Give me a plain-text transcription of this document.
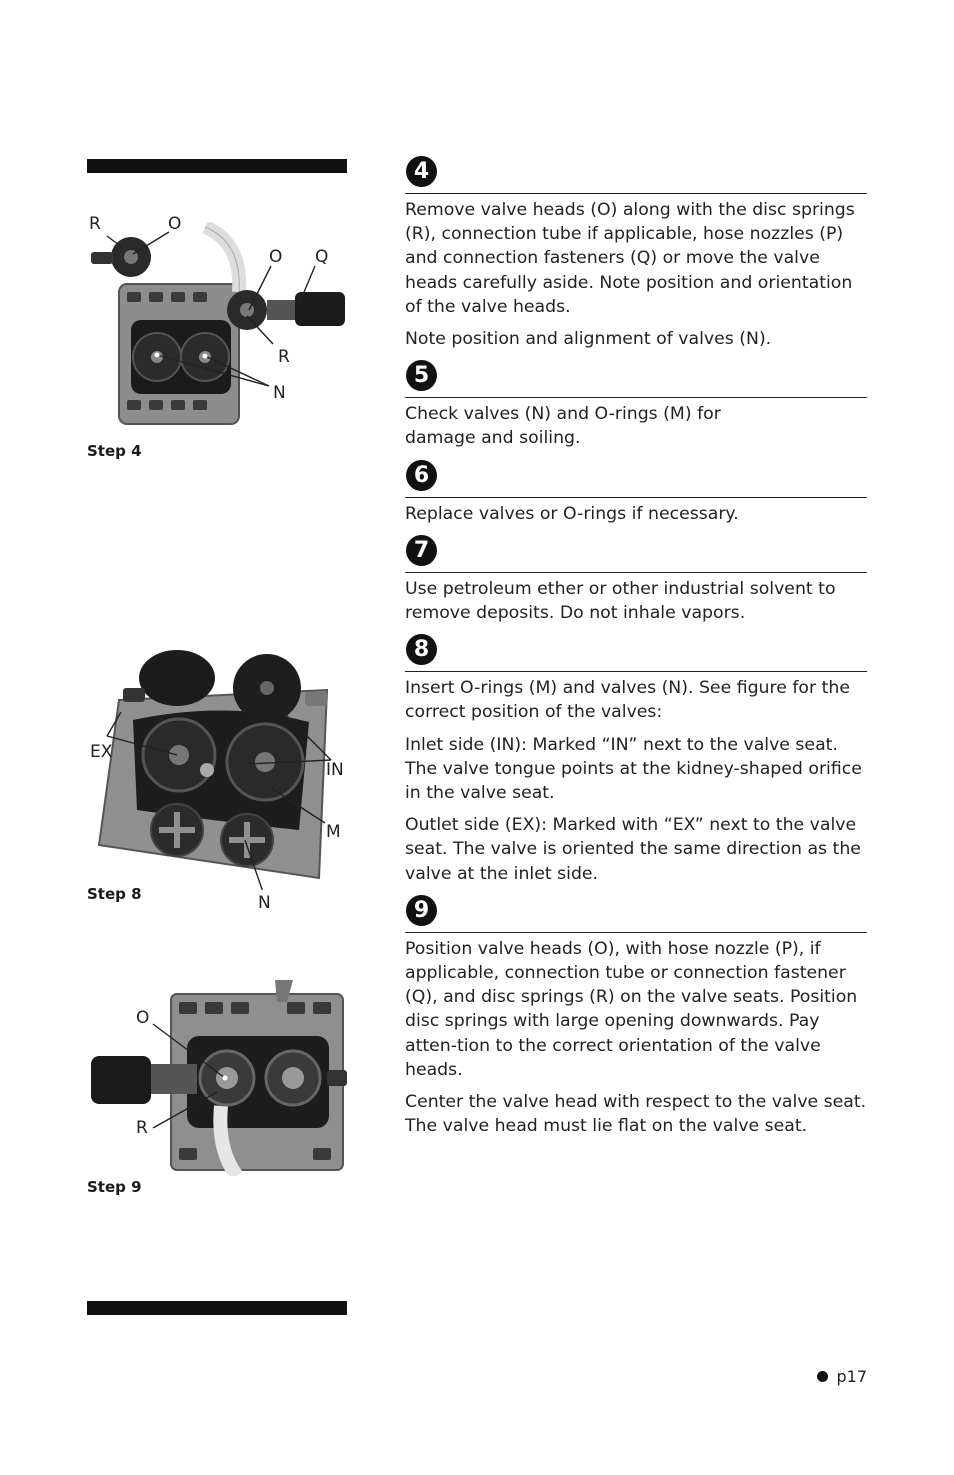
R	O
O Q
R
N
Step 4
EX
IN
M
Step 8	N
O
R
Step 9
4

Remove valve heads (O) along with the disc springs (R), connection tube if applicable, hose nozzles (P) and connection fasteners (Q) or move the valve heads carefully aside. Note position and orientation of the valve heads.

Note position and alignment of valves (N).

5

Check valves (N) and O-rings (M) for damage and soiling.

6

Replace valves or O-rings if necessary.

7

Use petroleum ether or other industrial solvent to remove deposits. Do not inhale vapors.

8

Insert O-rings (M) and valves (N). See figure for the correct position of the valves:

Inlet side (IN): Marked “IN” next to the valve seat. The valve tongue points at the kidney-shaped orifice in the valve seat.

Outlet side (EX): Marked with “EX” next to the valve seat. The valve is oriented the same direction as the valve at the inlet side.

9

Position valve heads (O), with hose nozzle (P), if applicable, connection tube or connection fastener (Q), and disc springs (R) on the valve seats. Position disc springs with large opening downwards. Pay atten-tion to the correct orientation of the valve heads.

Center the valve head with respect to the valve seat. The valve head must lie flat on the valve seat.

p17
